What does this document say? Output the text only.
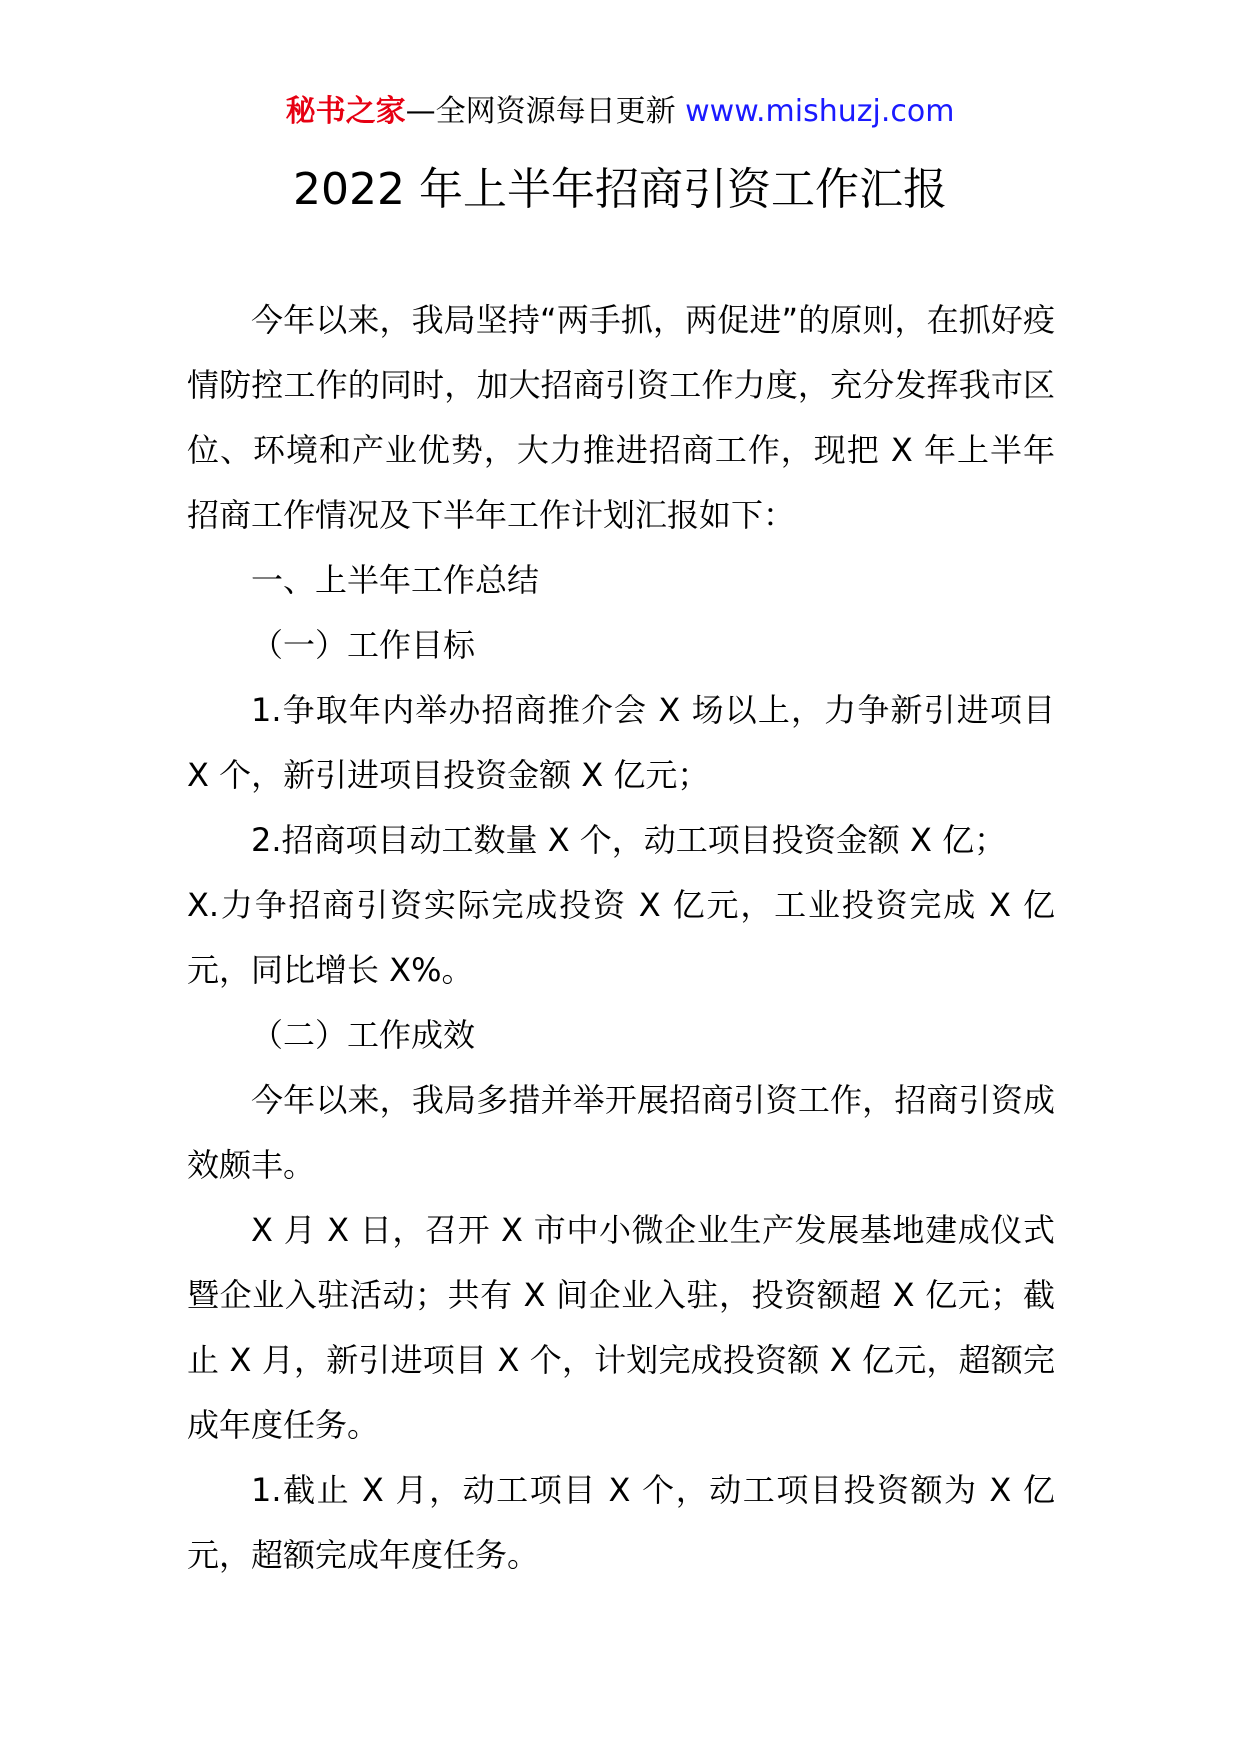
秘书之家—全网资源每日更新 www.mishuzj.com
2022 年上半年招商引资工作汇报

今年以来，我局坚持“两手抓，两促进”的原则，在抓好疫情防控工作的同时，加大招商引资工作力度，充分发挥我市区位、环境和产业优势，大力推进招商工作，现把 X 年上半年招商工作情况及下半年工作计划汇报如下：

一、上半年工作总结

（一）工作目标

1.争取年内举办招商推介会 X 场以上，力争新引进项目 X 个，新引进项目投资金额 X 亿元；

2.招商项目动工数量 X 个，动工项目投资金额 X 亿；

X.力争招商引资实际完成投资 X 亿元，工业投资完成 X 亿元，同比增长 X%。

（二）工作成效

今年以来，我局多措并举开展招商引资工作，招商引资成效颇丰。

X 月 X 日，召开 X 市中小微企业生产发展基地建成仪式暨企业入驻活动；共有 X 间企业入驻，投资额超 X 亿元；截止 X 月，新引进项目 X 个，计划完成投资额 X 亿元，超额完成年度任务。

1.截止 X 月，动工项目 X 个，动工项目投资额为 X 亿元，超额完成年度任务。
